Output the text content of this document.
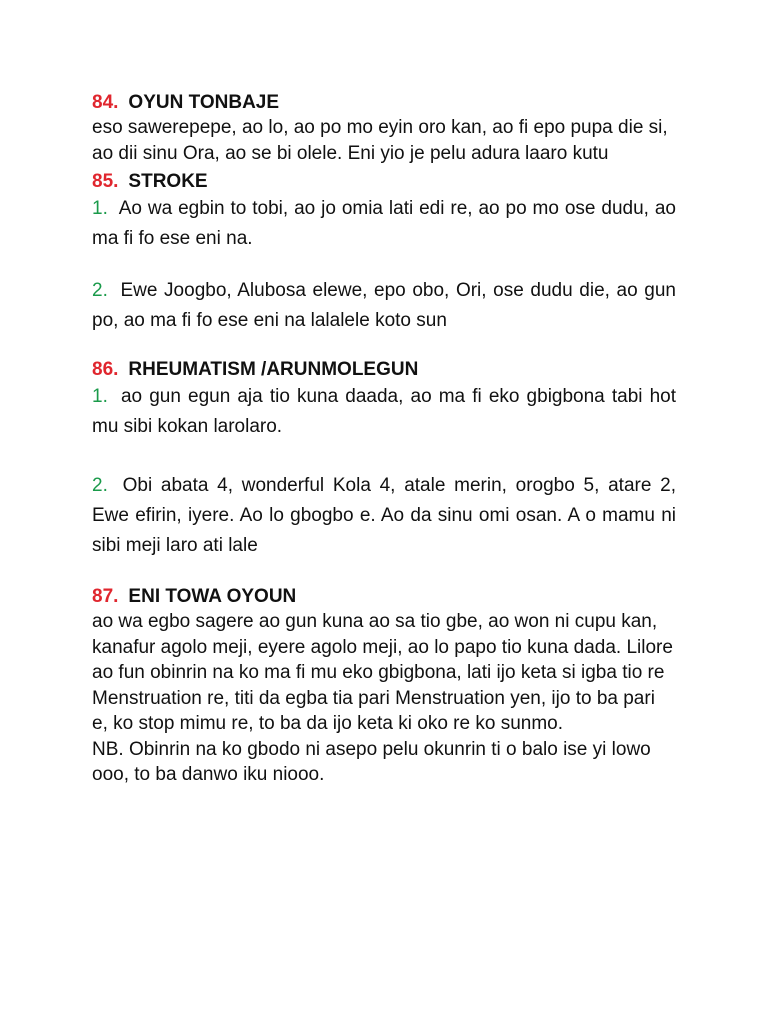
84. OYUN TONBAJE
eso sawerepepe, ao lo, ao po mo eyin oro kan, ao fi epo pupa die si, ao dii sinu Ora, ao se bi olele. Eni yio je pelu adura laaro kutu
85. STROKE
1. Ao wa egbin to tobi, ao jo omia lati edi re, ao po mo ose dudu, ao ma fi fo ese eni na.
2. Ewe Joogbo, Alubosa elewe, epo obo, Ori, ose dudu die, ao gun po, ao ma fi fo ese eni na lalalele koto sun
86. RHEUMATISM /ARUNMOLEGUN
1. ao gun egun aja tio kuna daada, ao ma fi eko gbigbona tabi hot mu sibi kokan larolaro.
2. Obi abata 4, wonderful Kola 4, atale merin, orogbo 5, atare 2, Ewe efirin, iyere. Ao lo gbogbo e. Ao da sinu omi osan. A o mamu ni sibi meji laro ati lale
87. ENI TOWA OYOUN
ao wa egbo sagere ao gun kuna ao sa tio gbe, ao won ni cupu kan, kanafur agolo meji, eyere agolo meji, ao lo papo tio kuna dada. Lilore ao fun obinrin na ko ma fi mu eko gbigbona, lati ijo keta si igba tio re Menstruation re, titi da egba tia pari Menstruation yen, ijo to ba pari e, ko stop mimu re, to ba da ijo keta ki oko re ko sunmo.
NB. Obinrin na ko gbodo ni asepo pelu okunrin ti o balo ise yi lowo ooo, to ba danwo iku niooo.
